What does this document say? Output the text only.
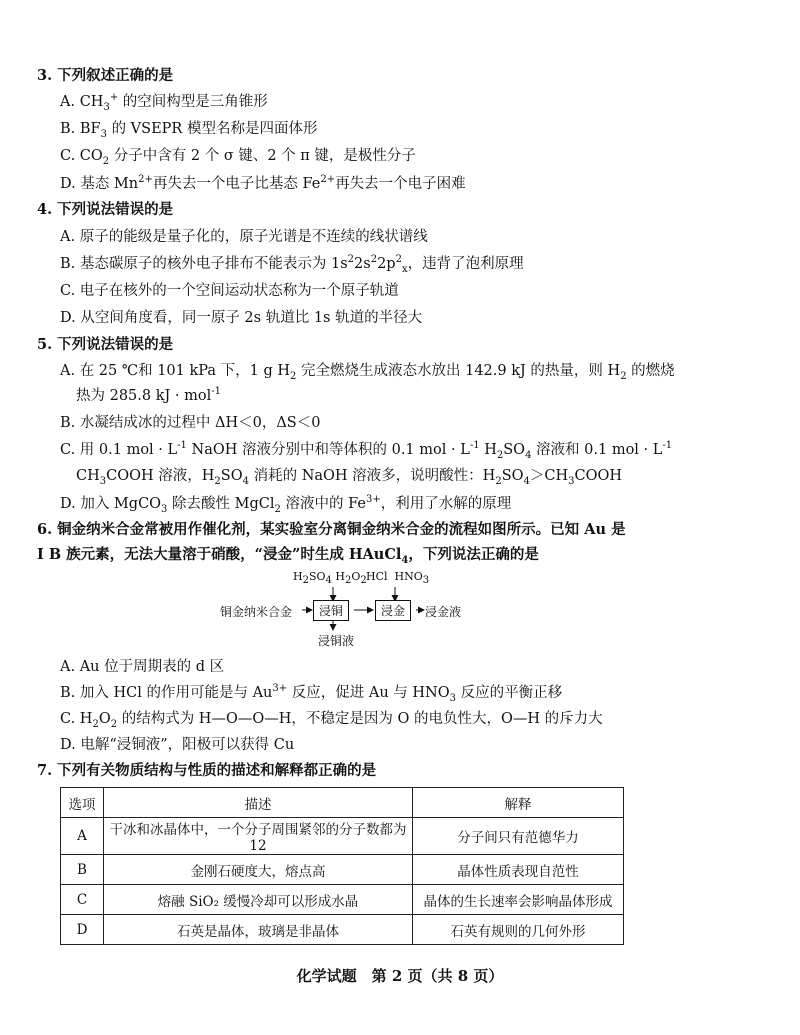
3. 下列叙述正确的是
A. $CH_3^+$ 的空间构型是三角锥形
B. $BF_3$ 的 VSEPR 模型名称是四面体形
C. $CO_2$ 分子中含有 2 个 σ 键、2 个 π 键，是极性分子
D. 基态 $Mn^{2+}$再失去一个电子比基态 $Fe^{2+}$再失去一个电子困难
4. 下列说法错误的是
A. 原子的能级是量子化的，原子光谱是不连续的线状谱线
B. 基态碳原子的核外电子排布不能表示为 $1s^22s^22p^2_x$，违背了泡利原理
C. 电子在核外的一个空间运动状态称为一个原子轨道
D. 从空间角度看，同一原子 2s 轨道比 1s 轨道的半径大
5. 下列说法错误的是
A. 在 25 ℃和 101 kPa 下，1 g $H_2$ 完全燃烧生成液态水放出 142.9 kJ 的热量，则 $H_2$ 的燃烧
热为 285.8 kJ · mol$^{-1}$
B. 水凝结成冰的过程中 ΔH＜0，ΔS＜0
C. 用 0.1 mol · $L^{-1}$ NaOH 溶液分别中和等体积的 0.1 mol · $L^{-1}$ $H_2SO_4$ 溶液和 0.1 mol · $L^{-1}$
$CH_3COOH$ 溶液，$H_2SO_4$ 消耗的 NaOH 溶液多，说明酸性：$H_2SO_4>CH_3COOH$
D. 加入 MgCO$_3$ 除去酸性 MgCl$_2$ 溶液中的 $Fe^{3+}$，利用了水解的原理
6. 铜金纳米合金常被用作催化剂，某实验室分离铜金纳米合金的流程如图所示。已知 Au 是
Ⅰ B 族元素，无法大量溶于硝酸，“浸金”时生成 HAuCl$_4$，下列说法正确的是
铜金纳米合金	浸铜	浸金	浸金液
$H_2SO_4$ $H_2O_2$ HCl $HNO_3$
浸铜液
A. Au 位于周期表的 d 区
B. 加入 HCl 的作用可能是与 $Au^{3+}$ 反应，促进 Au 与 $HNO_3$ 反应的平衡正移
C. $H_2O_2$ 的结构式为 H—O—O—H，不稳定是因为 O 的电负性大，O—H 的斥力大
D. 电解“浸铜液”，阳极可以获得 Cu
7. 下列有关物质结构与性质的描述和解释都正确的是
选项	描述	解释
A	干冰和冰晶体中，一个分子周围紧邻的分子数都为 12	分子间只有范德华力
B	金刚石硬度大，熔点高	晶体性质表现自范性
C	熔融 SiO₂ 缓慢冷却可以形成水晶	晶体的生长速率会影响晶体形成
D	石英是晶体，玻璃是非晶体	石英有规则的几何外形
化学试题　第 2 页（共 8 页）
